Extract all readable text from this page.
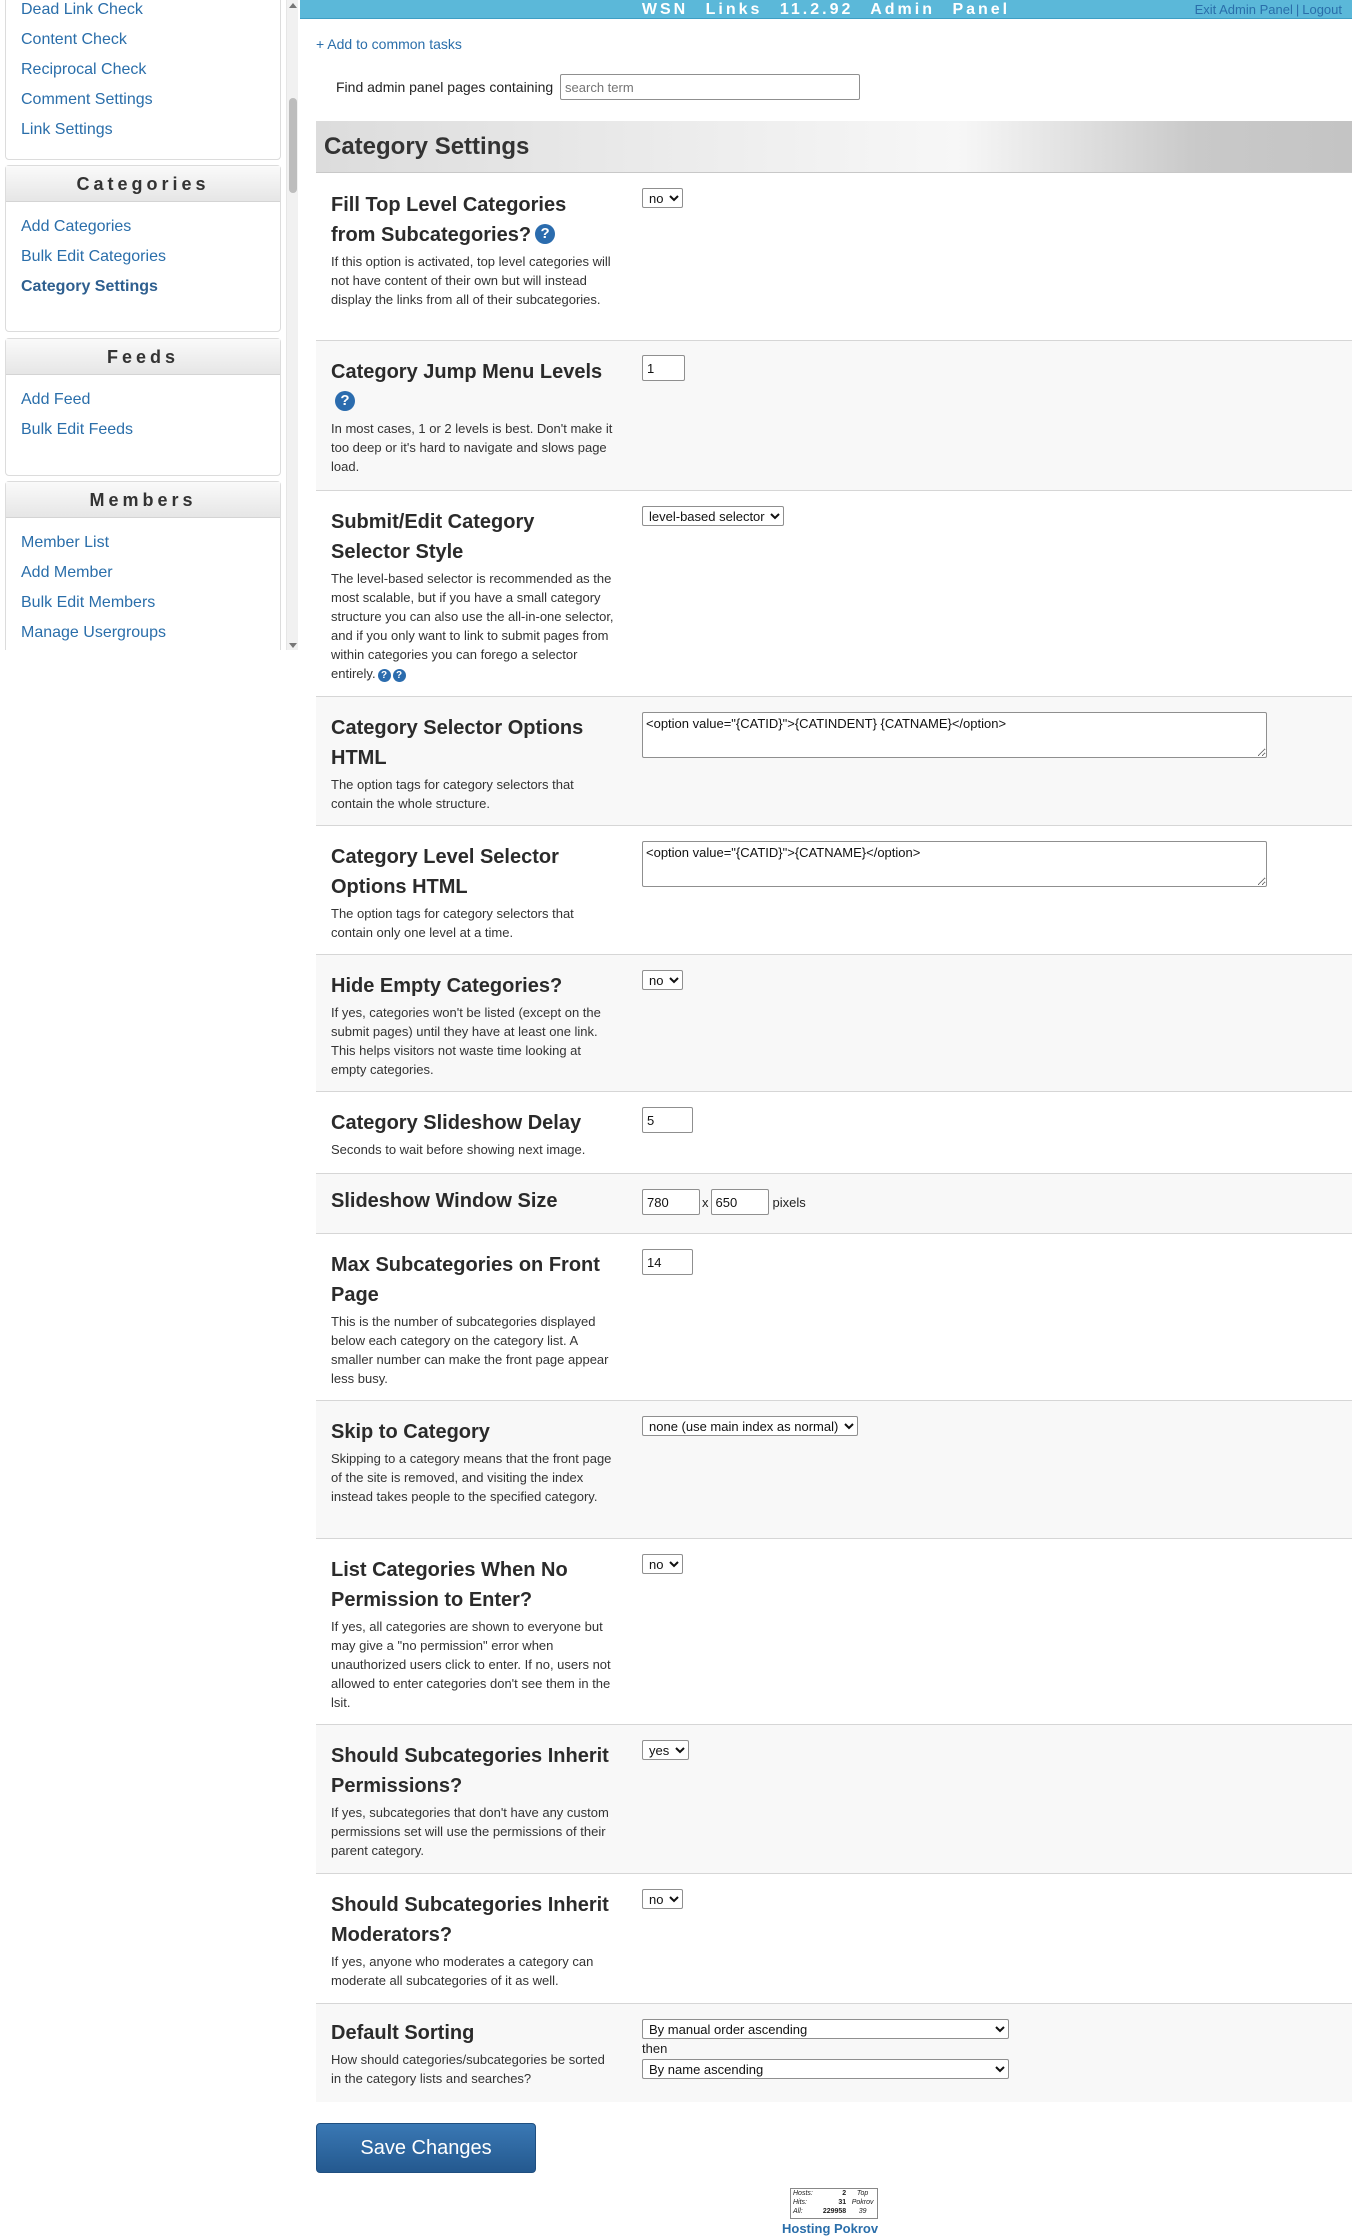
Dead Link Check
Content Check
Reciprocal Check
Comment Settings
Link Settings
Categories
Add Categories
Bulk Edit Categories
Category Settings
Feeds
Add Feed
Bulk Edit Feeds
Members
Member List
Add Member
Bulk Edit Members
Manage Usergroups
WSN Links 11.2.92 Admin Panel	Exit Admin Panel | Logout
+ Add to common tasks
Find admin panel pages containing search term
Category Settings
Fill Top Level Categories from Subcategories? ?
If this option is activated, top level categories will not have content of their own but will instead display the links from all of their subcategories.
no
Category Jump Menu Levels?
In most cases, 1 or 2 levels is best. Don't make it too deep or it's hard to navigate and slows page load.
1
Submit/Edit Category Selector Style
The level-based selector is recommended as the most scalable, but if you have a small category structure you can also use the all-in-one selector, and if you only want to link to submit pages from within categories you can forego a selector entirely. ? ?
level-based selector
Category Selector Options HTML
The option tags for category selectors that contain the whole structure.
<option value="{CATID}">{CATINDENT} {CATNAME}</option>
Category Level Selector Options HTML
The option tags for category selectors that contain only one level at a time.
<option value="{CATID}">{CATNAME}</option>
Hide Empty Categories?
If yes, categories won't be listed (except on the submit pages) until they have at least one link. This helps visitors not waste time looking at empty categories.
no
Category Slideshow Delay
Seconds to wait before showing next image.
5
Slideshow Window Size
780	x650	pixels
Max Subcategories on Front Page
This is the number of subcategories displayed below each category on the category list. A smaller number can make the front page appear less busy.
14
Skip to Category
Skipping to a category means that the front page of the site is removed, and visiting the index instead takes people to the specified category.
none (use main index as normal)
List Categories When No Permission to Enter?
If yes, all categories are shown to everyone but may give a "no permission" error when unauthorized users click to enter. If no, users not allowed to enter categories don't see them in the lsit.
no
Should Subcategories Inherit Permissions?
If yes, subcategories that don't have any custom permissions set will use the permissions of their parent category.
yes
Should Subcategories Inherit Moderators?
If yes, anyone who moderates a category can moderate all subcategories of it as well.
no
Default Sorting
How should categories/subcategories be sorted in the category lists and searches?
By manual order ascending
then
By name ascending
Save Changes
Hosts:	2	Top
Hits:	31	Pokrov
All:	229958	39
Hosting Pokrov
